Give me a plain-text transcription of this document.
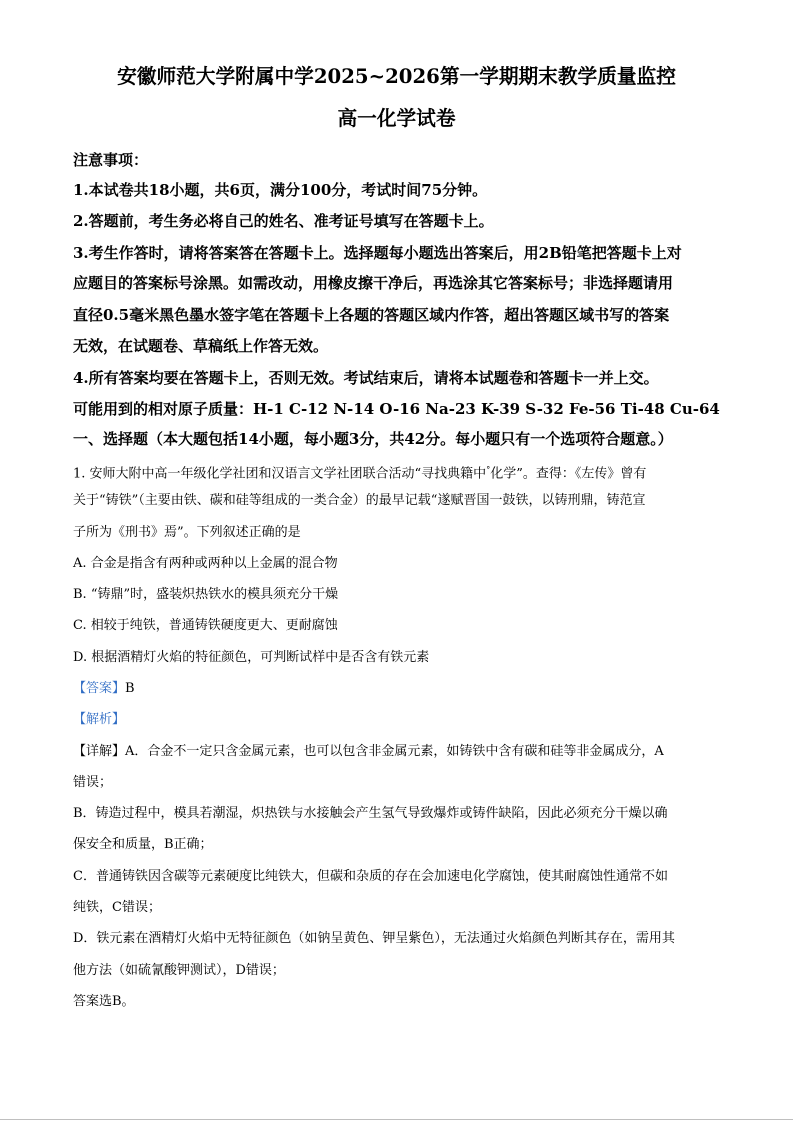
安徽师范大学附属中学2025~2026第一学期期末教学质量监控
高一化学试卷
注意事项：
1.本试卷共18小题，共6页，满分100分，考试时间75分钟。
2.答题前，考生务必将自己的姓名、准考证号填写在答题卡上。
3.考生作答时，请将答案答在答题卡上。选择题每小题选出答案后，用2B铅笔把答题卡上对
应题目的答案标号涂黑。如需改动，用橡皮擦干净后，再选涂其它答案标号；非选择题请用
直径0.5毫米黑色墨水签字笔在答题卡上各题的答题区域内作答，超出答题区域书写的答案
无效，在试题卷、草稿纸上作答无效。
4.所有答案均要在答题卡上，否则无效。考试结束后，请将本试题卷和答题卡一并上交。
可能用到的相对原子质量：H-1 C-12 N-14 O-16 Na-23 K-39 S-32 Fe-56 Ti-48 Cu-64
一、选择题（本大题包括14小题，每小题3分，共42分。每小题只有一个选项符合题意。）
1. 安师大附中高一年级化学社团和汉语言文学社团联合活动“寻找典籍中°化学”。查得：《左传》曾有
关于“铸铁”（主要由铁、碳和硅等组成的一类合金）的最早记载“遂赋晋国一鼓铁，以铸刑鼎，铸范宣
子所为《刑书》焉”。下列叙述正确的是
A. 合金是指含有两种或两种以上金属的混合物
B. “铸鼎”时，盛装炽热铁水的模具须充分干燥
C. 相较于纯铁，普通铸铁硬度更大、更耐腐蚀
D. 根据酒精灯火焰的特征颜色，可判断试样中是否含有铁元素
【答案】B
【解析】
【详解】A．合金不一定只含金属元素，也可以包含非金属元素，如铸铁中含有碳和硅等非金属成分，A
错误；
B．铸造过程中，模具若潮湿，炽热铁与水接触会产生氢气导致爆炸或铸件缺陷，因此必须充分干燥以确
保安全和质量，B正确；
C．普通铸铁因含碳等元素硬度比纯铁大，但碳和杂质的存在会加速电化学腐蚀，使其耐腐蚀性通常不如
纯铁，C错误；
D．铁元素在酒精灯火焰中无特征颜色（如钠呈黄色、钾呈紫色），无法通过火焰颜色判断其存在，需用其
他方法（如硫氰酸钾测试），D错误；
答案选B。
